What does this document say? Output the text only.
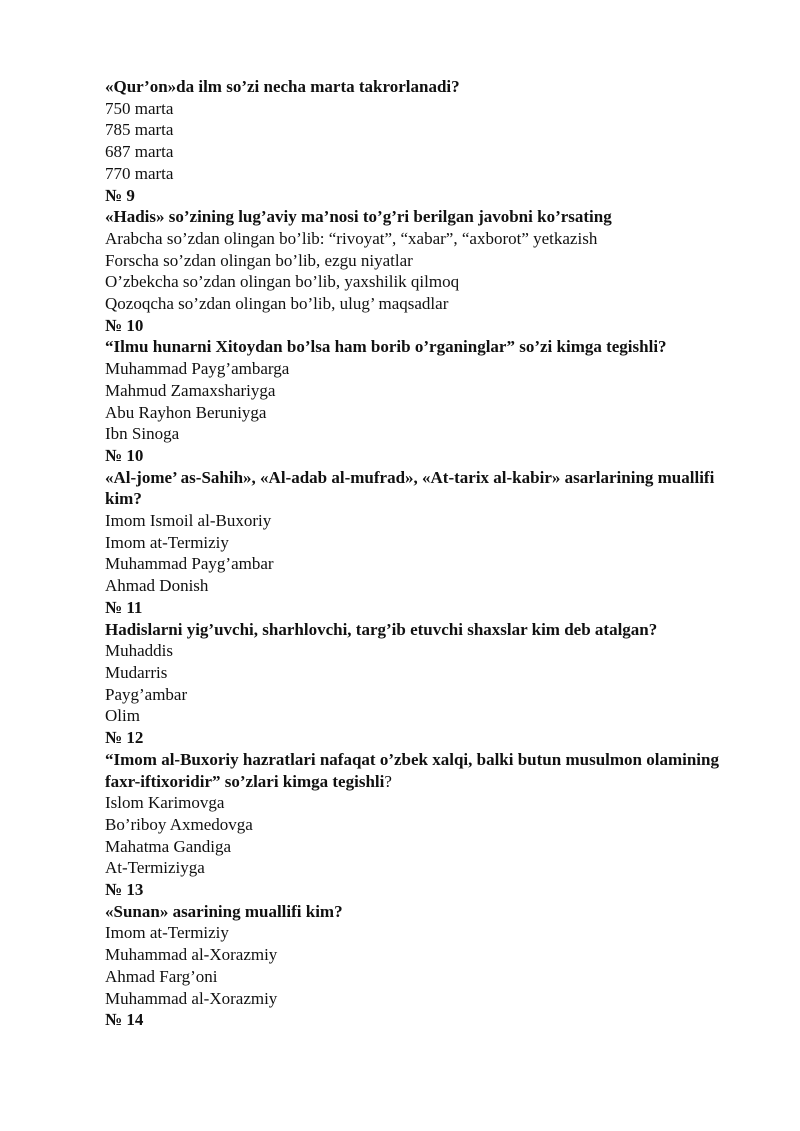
«Qur’on»da ilm so’zi necha marta takrorlanadi?
750 marta
785 marta
687 marta
770 marta
№ 9
«Hadis» so’zining lug’aviy ma’nosi to’g’ri berilgan javobni ko’rsating
Arabcha so’zdan olingan bo’lib: “rivoyat”, “xabar”, “axborot” yetkazish
Forscha so’zdan olingan bo’lib, ezgu niyatlar
O’zbekcha so’zdan olingan bo’lib, yaxshilik qilmoq
Qozoqcha so’zdan olingan bo’lib, ulug’ maqsadlar
№ 10
“Ilmu hunarni Xitoydan bo’lsa ham borib o’rganinglar” so’zi kimga tegishli?
Muhammad Payg’ambarga
Mahmud Zamaxshariyga
Abu Rayhon Beruniyga
Ibn Sinoga
№ 10
«Al-jome’ as-Sahih», «Al-adab al-mufrad», «At-tarix al-kabir» asarlarining muallifi kim?
Imom Ismoil al-Buxoriy
Imom at-Termiziy
Muhammad Payg’ambar
Ahmad Donish
№ 11
Hadislarni yig’uvchi, sharhlovchi, targ’ib etuvchi shaxslar kim deb atalgan?
Muhaddis
Mudarris
Payg’ambar
Olim
№ 12
“Imom al-Buxoriy hazratlari nafaqat o’zbek xalqi, balki butun musulmon olamining faxr-iftixoridir” so’zlari kimga tegishli?
Islom Karimovga
Bo’riboy Axmedovga
Mahatma Gandiga
At-Termiziyga
№ 13
«Sunan» asarining muallifi kim?
Imom at-Termiziy
Muhammad al-Xorazmiy
Ahmad Farg’oni
Muhammad al-Xorazmiy
№ 14
